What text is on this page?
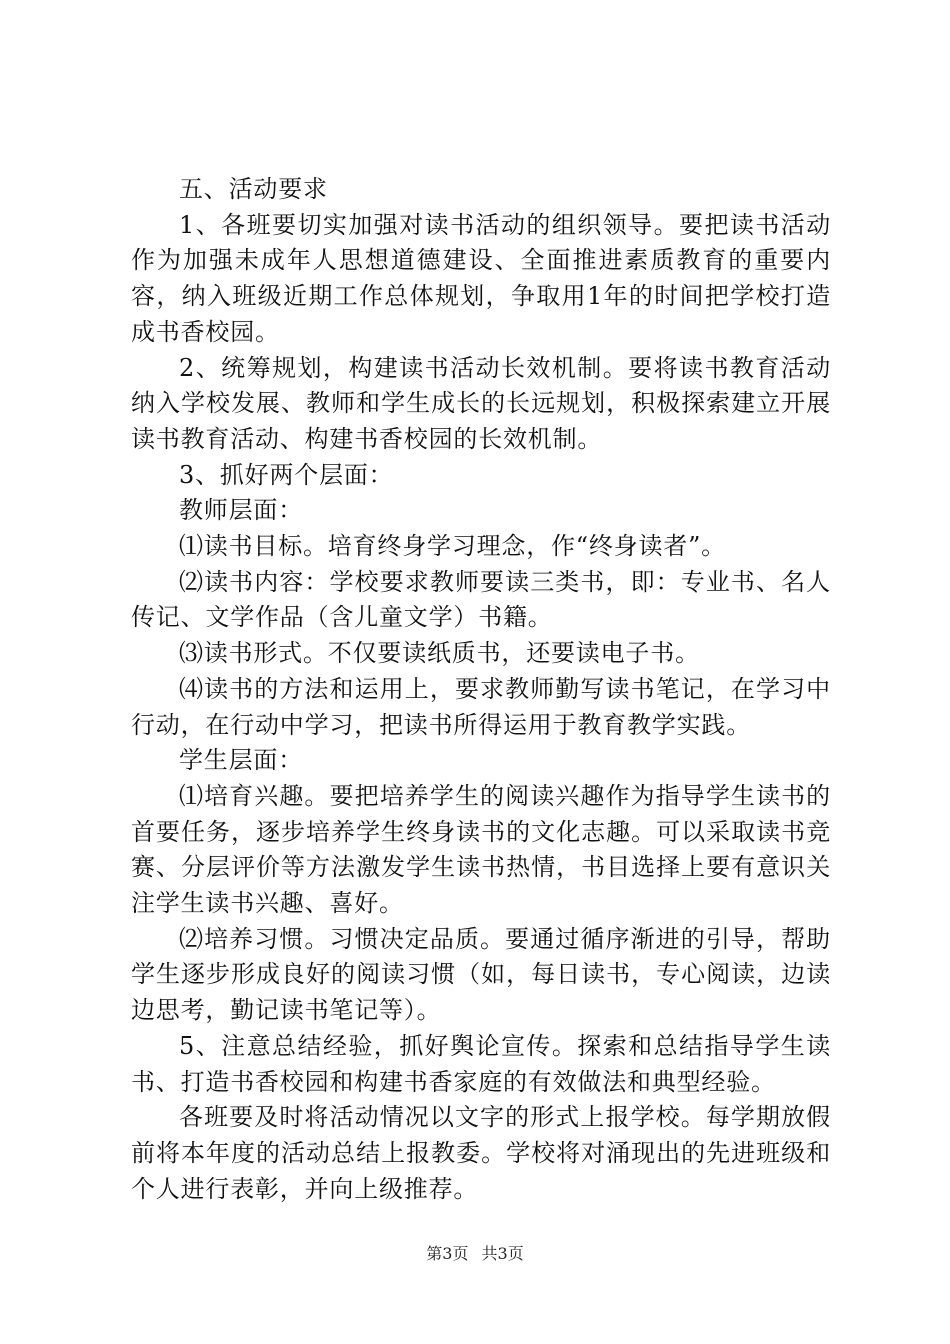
五、活动要求

1、各班要切实加强对读书活动的组织领导。要把读书活动作为加强未成年人思想道德建设、全面推进素质教育的重要内容，纳入班级近期工作总体规划，争取用1年的时间把学校打造成书香校园。

2、统筹规划，构建读书活动长效机制。要将读书教育活动纳入学校发展、教师和学生成长的长远规划，积极探索建立开展读书教育活动、构建书香校园的长效机制。

3、抓好两个层面：

教师层面：

⑴读书目标。培育终身学习理念，作“终身读者”。

⑵读书内容：学校要求教师要读三类书，即：专业书、名人传记、文学作品（含儿童文学）书籍。

⑶读书形式。不仅要读纸质书，还要读电子书。

⑷读书的方法和运用上，要求教师勤写读书笔记，在学习中行动，在行动中学习，把读书所得运用于教育教学实践。

学生层面：

⑴培育兴趣。要把培养学生的阅读兴趣作为指导学生读书的首要任务，逐步培养学生终身读书的文化志趣。可以采取读书竞赛、分层评价等方法激发学生读书热情，书目选择上要有意识关注学生读书兴趣、喜好。

⑵培养习惯。习惯决定品质。要通过循序渐进的引导，帮助学生逐步形成良好的阅读习惯（如，每日读书，专心阅读，边读边思考，勤记读书笔记等）。

5、注意总结经验，抓好舆论宣传。探索和总结指导学生读书、打造书香校园和构建书香家庭的有效做法和典型经验。

各班要及时将活动情况以文字的形式上报学校。每学期放假前将本年度的活动总结上报教委。学校将对涌现出的先进班级和个人进行表彰，并向上级推荐。

第3页 共3页
